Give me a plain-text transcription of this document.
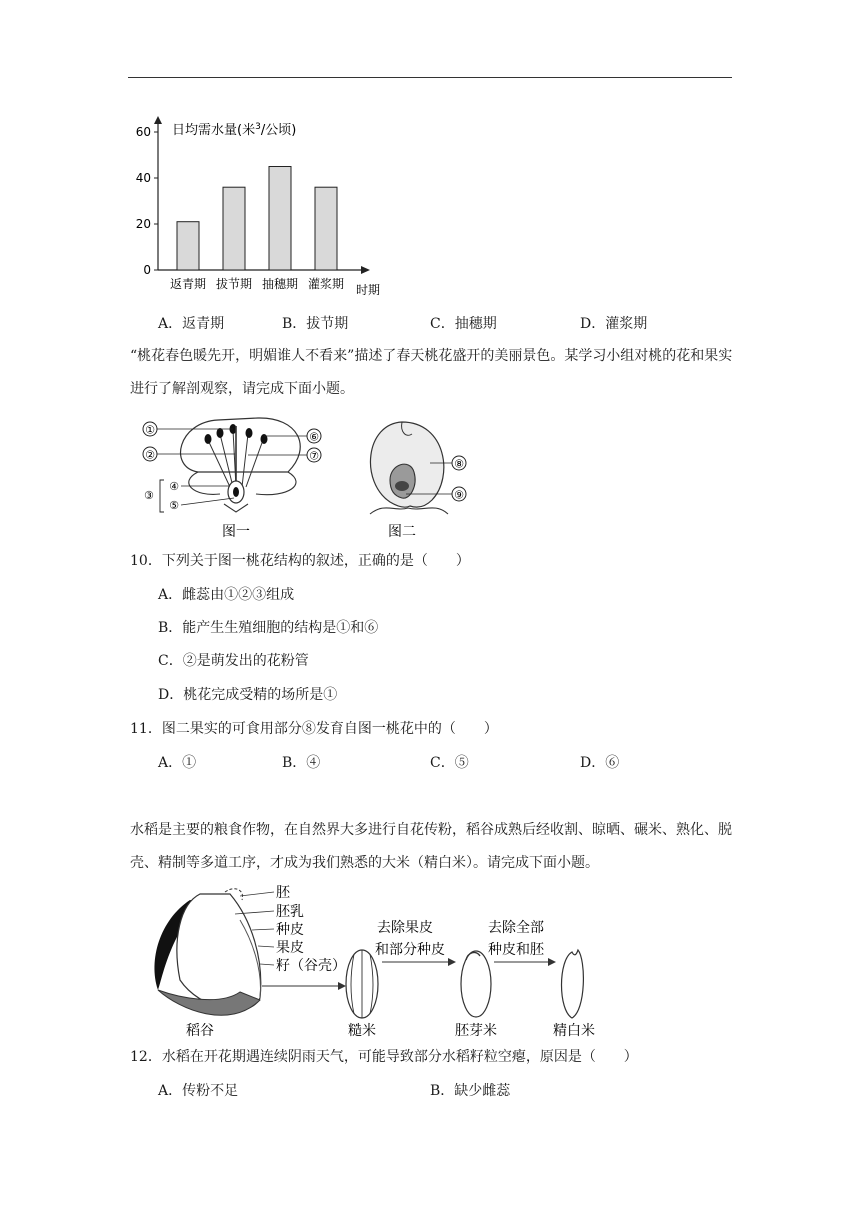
0
20
40
60 日均需水量(米$^3$/公顷)
返青期 拔节期 抽穗期 灌浆期 时期
A．返青期	B．拔节期	C．抽穗期	D．灌浆期
“桃花春色暖先开，明媚谁人不看来”描述了春天桃花盛开的美丽景色。某学习小组对桃的花和果实进行了解剖观察，请完成下面小题。
①
②
③
④
⑤
⑥
⑦
图一
⑧
⑨
图二
10．下列关于图一桃花结构的叙述，正确的是（　　）
A．雌蕊由①②③组成
B．能产生生殖细胞的结构是①和⑥
C．②是萌发出的花粉管
D．桃花完成受精的场所是①
11．图二果实的可食用部分⑧发育自图一桃花中的（　　）
A．①	B．④	C．⑤	D．⑥
水稻是主要的粮食作物，在自然界大多进行自花传粉，稻谷成熟后经收割、晾晒、碾米、熟化、脱壳、精制等多道工序，才成为我们熟悉的大米（精白米）。请完成下面小题。
胚
胚乳
种皮
果皮
籽（谷壳）
去除果皮
和部分种皮
去除全部
种皮和胚
稻谷	糙米	胚芽米	精白米
12．水稻在开花期遇连续阴雨天气，可能导致部分水稻籽粒空瘪，原因是（　　）
A．传粉不足	B．缺少雌蕊
